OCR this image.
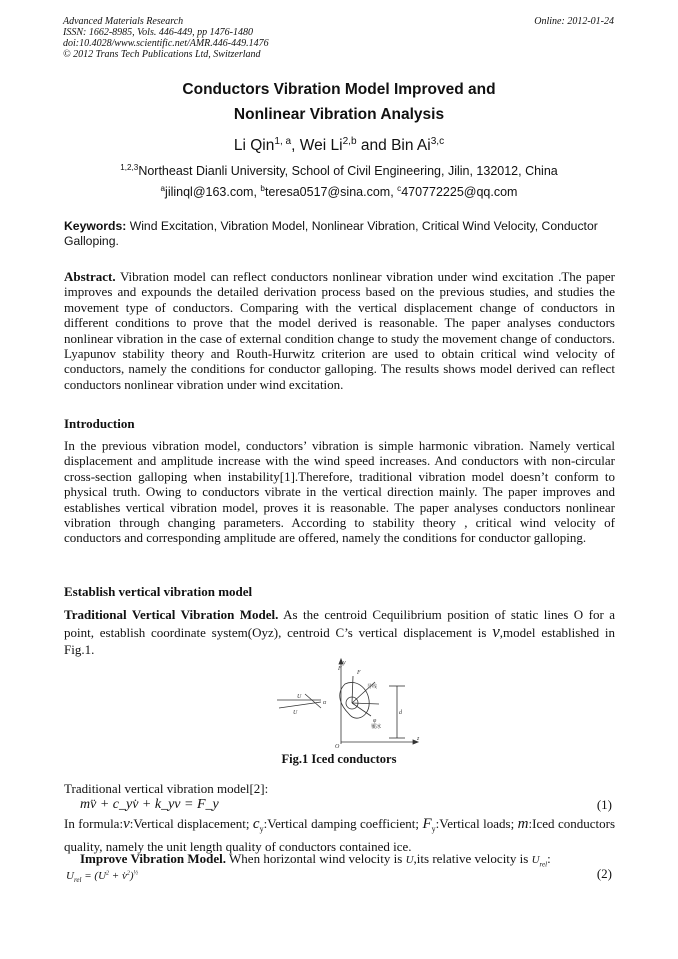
Advanced Materials Research
ISSN: 1662-8985, Vols. 446-449, pp 1476-1480
doi:10.4028/www.scientific.net/AMR.446-449.1476
© 2012 Trans Tech Publications Ltd, Switzerland
Online: 2012-01-24
Conductors Vibration Model Improved and
Nonlinear Vibration Analysis
Li Qin$^{1, a}$, Wei Li$^{2,b}$ and Bin Ai$^{3,c}$
$^{1,2,3}$Northeast Dianli University, School of Civil Engineering, Jilin, 132012, China
$^a$jilinql@163.com, $^b$teresa0517@sina.com, $^c$470772225@qq.com
Keywords: Wind Excitation, Vibration Model, Nonlinear Vibration, Critical Wind Velocity, Conductor Galloping.
Abstract. Vibration model can reflect conductors nonlinear vibration under wind excitation .The paper improves and expounds the detailed derivation process based on the previous studies, and studies the movement type of conductors. Comparing with the vertical displacement change of conductors in different conditions to prove that the model derived is reasonable. The paper analyses conductors nonlinear vibration in the case of external condition change to study the movement change of conductors. Lyapunov stability theory and Routh-Hurwitz criterion are used to obtain critical wind velocity of conductors, namely the conditions for conductor galloping. The results shows model derived can reflect conductors nonlinear vibration under wind excitation.
Introduction
In the previous vibration model, conductors’ vibration is simple harmonic vibration. Namely vertical displacement and amplitude increase with the wind speed increases. And conductors with non-circular cross-section galloping when instability[1].Therefore, traditional vibration model doesn’t conform to physical truth. Owing to conductors vibrate in the vertical direction mainly. The paper improves and establishes vertical vibration model, proves it is reasonable. The paper analyses conductors nonlinear vibration through changing parameters. According to stability theory , critical wind velocity of conductors and corresponding amplitude are offered, namely the conditions for conductor galloping.
Establish vertical vibration model
Traditional Vertical Vibration Model. As the centroid Cequilibrium position of static lines O for a point, establish coordinate system(Oyz), centroid C’s vertical displacement is v,model established in Fig.1.
y
F
F
z
O
d
U
U
α
φ
导线
覆冰
Fig.1 Iced conductors
Traditional vertical vibration model[2]:
mv̈ + c_yv̇ + k_yv = F_y	(1)
In formula:v:Vertical displacement; $c_y:Vertical$ damping coefficient; $F_y:Vertical$ loads; m:Iced conductors quality, namely the unit length quality of conductors contained ice.
Improve Vibration Model. When horizontal wind velocity is U,its relative velocity is $U_{rel}$:
$U_{rel} = (U^2$ + v̇$^2$)$^{\frac{1}{2}}$	(2)
